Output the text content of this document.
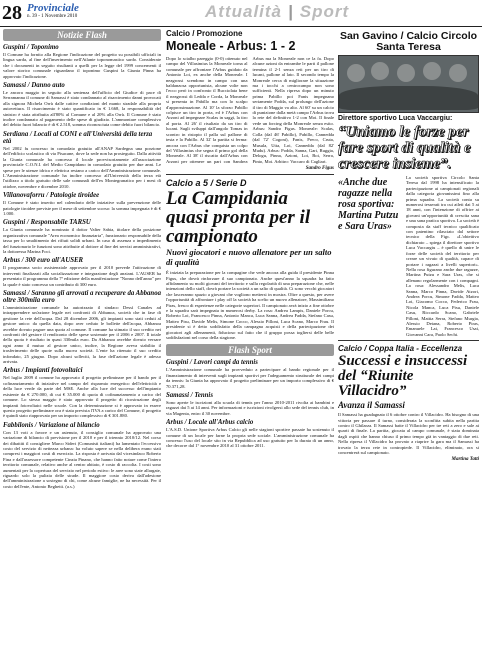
28 Provinciale
n. 39 - 1 Novembre 2010	Attualità | Sport
Notizie Flash
Guspini / Toponimo

Il Comune ha fornito alla Regione l'indicazione del progetto su possibili ufficiali in lingua sarda, al fine dell'inserimento nell'Atlante toponomastico sardo. Considerate che i documenti in seguito risultanti a quelli per la legge del 1999 concernenti il valore storico comunale riguardano il toponimo Guspini la Giunta Pinna ha approvato l'indicazione.

Samassi / Danno auto

Le ancora maggio in seguito alla sentenza dell'ufficio del Giudice di pace di Serramanna il comune di Samassi è stato condannato al risarcimento danni provocati alla signora Michela Orrù dalle cattive condizioni del manto stradale alla propria autovettura. Il risarcimento è stato quantificato in € 1.668, la responsabilità del sinistro è stata attribuita all'80% al Comune e al 20% alla Orrù. Il Comune è stato inoltre condannato al pagamento delle spese di giudizio. L'ammontare complessivo del debito fuori bilancio è di € 2.518, somma riconosciuta come debito fuori bilancio.

Serdiana / Locali al CONI e all'Università della terza età

Nel 2002 fu concesso in comodato gratuito all'ANAP Sardegna una porzione dell'edificio scolastico di via Pisacane, dove la sede non ha prosieguito. Dalla attività la Giunta comunale ha concesso il locale provvisoriamente all'associazione provinciale C.O.N.I. del Medio Campidano in comodato gratuito per due anni. Le spese per le utenze idrica e elettrica restano a carico dell'Amministrazione comunale. L'Amministrazione comunale ha inoltre concesso all'Università della terza età l'utilizzo a titolo gratuito delle sale comunali dell'ex Montegranatico per i mesi di ottobre, novembre e dicembre 2010.

Villanovaforru / Patologie tiroidee

Il Comune è stato inserito nel calendario delle iniziative sulla prevenzione delle patologie tiroidee previste per il mese di settembre scorso: la somma impegnata è di € 1.000.

Guspini / Responsabile TARSU

La Giunta comunale ha nominato il dottor Valter Sabia, titolare della posizione organizzativa comunale "Area economico finanziaria", funzionario responsabile della tassa per lo smaltimento dei rifiuti solidi urbani. In caso di assenza o impedimento del funzionario le funzioni sono attribuite al dottore al fine dei servizi amministrativi, la dottoressa Marina Foci.

Arbus / 300 euro all'AUSER

Il programma socio assistenziale approvato per il 2010 prevede l'attivazione di interventi finalizzati alla socializzazione e integrazione degli anziani. L'AUSER ha presentato il programma della 7ª edizione della manifestazione "Nonno dell'anno" per la quale è stato concesso un contributo di 300 euro.

Samassi / Saranno gli arrovati a recuperare da Abbanoa oltre 300mila euro

L'amministrazione comunale ha autorizzato il sindaco Dessì Canales ad intrapprendere un'azione legale nei confronti di Abbanoa, società che in fase di gestione la rete dell'acqua. Dal 28 dicembre 2006, gli impianti sono stati ceduti al gestore unico: da quella data, dopo aver ceduto le bollette dell'acqua, Abbanoa avrebbe dovuto pagare una quota al comune. Il comune ha stimato il suo credito nei confronti del gestore il rendiconto delle spese sostenute per il 2006 e 2007. Il totale della quota è risultato in quasi 330mila euro. Da Abbanoa avrebbe dovuto versare ogni anno il mutuo al gestore unico, inoltre, la Regione aveva stabilito il trasferimento delle quote sulla nuova società. L'ente ha ritenuto il suo credito infondato, 25 giugno. Dopo alcuni solleciti, la fase dell'azione legale è adesso arrivata.

Arbus / Impianti fotovoltaici

Nel luglio 2009 il comune ha approvato il progetto preliminare per il bando per il cofinanziamento di iniziative nel campo del risparmio energetico dell'elettricità e della luce verde da parte del MSE. Anche alla luce del successo dell'impianto esistente da € 270.000, di cui € 35.000 di quota di cofinanziamento a carico del comune. Lo stesso maggio è stato approvato il progetto di ricostruzione degli impianti fotovoltaici nelle scuole. Con la determinazione si è approvato in essere questo progetto preliminare ora è stata prevista l'IVA a carico del Comune, il progetto è quindi stato riapprovato per un importo complessivo di € 301.880.

Fabbilonis / Variazione al bilancio

Con 13 voti a favore e un astenuto, il consiglio comunale ha approvato una variazione di bilancio di previsione per il 2010 e per il triennio 2010/12. Nel corso dei dibattiti il consigliere Marco Sideri (Comunisti italiani) ha lamentato l'eccessivo costo del servizio di nettezza urbana: ha voluto sapere se nella delibera erano stati compresi i maggiori costi di esercizio. La risposta è arrivata dal vicesindaco Roberto Fina e dall'assessore competente Cinzia Pinano, che hanno fatto notare come l'intero territorio comunale, relativo anche al centro abitato, è costo di raccolta. I costi sono aumentati per la copertura del servizio nel periodo estivo: le aree sono state allargate, riguardo solo la pulizia delle strade. Il maggiore costo deriva dall'adesione dell'amministrazione a sostegno di chi, come alcune famiglie, ne ha necessità. Per il costo dell'ente, Antonio Beghetti. (a.s.)

Calcio / Promozione
Moneale - Arbus: 1 - 2
Dopo lo scialbo pareggio (0-0) ottenuto nel campo del Villasimius la Monreale torna al comunale per affrontare l'Arbus guidato da Antonio Loi, ex anche della Monreale. I neagrossi scendono in campo con una baldanzosa opportunista, alcune volte non l'ecco però in confronto il Bucciolata bene il neagrossi di Ledda e Corda, la Monreale si presenta in Pabillo ma con lo scalpo d'approssimazione. Al 10' la sforzo Pabillo colpisce un tiro in porta, ed è l'Arbus con Arzoni ad impegnare Scalas in saggi, la tiro al porta. Al 26' il risultato da un tiro di lucani. Sugli sviluppi dall'angolo Tomas in scontro in ristopio il palla sul pallone di testa e la Pabillo. Al 32' la partita si ferma: ancora con l'Arbus che conquista un colpo del Villasimius che segna il primo gol della Monreale. Al 38' il riscatto dall'Arbus con Arzoni per ottenere un pari con Sandrea Arbus ma la Monreale non ce la fa. Dopo alcune azioni da entrambe le parti il pallone termina il 2-1 senza reti per un tiro di lucani, pallone al lato. Il secondo tempo la Monreale cerca di migliorare la situazione ma i tocchi a centrocampo non sono sufficienti. Nella ripresa dopo un minuto prima Pabillo poi Fanis impegnano seriamente Podda, sul prolungo dell'azione il tiro di Maggio va alto. Al 60' su un calcio di punizione dalla metà campo l'Arbus trova la rete del definitivo 1-2 con Moi. Il finale vede un forcing della Monreale senza esito. Arbus: Sandro Figus. Monreale: Scalas, Colla (dal 46' Pabillo), Pabillo, Cannedda (dal 72' Cogoni), Fanis, Preco, Cruta, Musula, Utta, Loi, Cannedda (dal 82' Mudu). Arbus: Podda, Sanna, Gari, Ruggia, Delogu, Pinna, Azioni, Loi, Boi, Serra, Pinto, Moi. Arbitro: Vaccaro di Cagliari.
Sandro Figus
Calcio a 5 / Serie D
La Campidania quasi pronta per il campionato
Nuovi giocatori e nuovo allenatore per un salto di qualità

È iniziata la preparazione per la compagine che vede ancora alla guida il presidente Pinna Figus, che dovrà rinforzare il suo campionato. Anche quest'anno la squadra ha fatto affidamento su molti giovani del territorio e sulla regolarità di una preparazione che, nelle intenzioni dello staff, dovrà portare la società a un salto di qualità. Ci sono vecchi giocatori che lasceranno spazio a giovani che vogliono mettersi in mostra. Oltre a questo, per avere l'opportunità di affrontare i play off la società ha scelto un nuovo allenatore, Massimiliano Piras, fresco di esperienze nelle categorie superiori. Il campionato avrà inizio a fine ottobre e la squadra sarà impegnata in numerosi derby. La rosa: Andrea Lampis, Daniele Porcu, Roberto Loi, Francesco Pinna, Antonio Manca, Luca Sanna, Andrea Fadda, Stefano Casu, Matteo Pisu, Davide Melis, Simone Cocco, Alessio Pilloni, Luca Scano, Marco Frau. Il presidente si è detto soddisfatto della campagna acquisti e della partecipazione dei giocatori agli allenamenti, fiducioso sul fatto che il gruppo possa togliersi delle belle soddisfazioni nel corso della stagione.

Flash Sport
Guspini / Lavori campi da tennis

L'Amministrazione comunale ha provveduto a partecipare al bando regionale per il finanziamento di interventi sugli impianti sportivi per l'adeguamento strutturale dei campi da tennis: la Giunta ha approvato il progetto preliminare per un importo complessivo di € 70.371,28.

Samassi / Tennis

Sono aperte le iscrizioni alla scuola di tennis per l'anno 2010-2011 rivolta ai bambini e ragazzi dai 5 ai 14 anni. Per informazioni e iscrizioni rivolgersi allo sede del tennis club, in via Magenta, entro il 30 novembre.

Arbus / Locale all'Arbus calcio

L'A.S.D. Unione Sportiva Arbus Calcio gli nelle stagioni sportive passate ha sostenuto il comune di un locale per farne la propria sede sociale. L'amministrazione comunale ha concesso l'uso del locale sito in via Repubblica ad uso gratuito per la durata di un anno, che decorre dal 1° novembre 2010 al 31 ottobre 2011.

San Gavino / Calcio Circolo Santa Teresa
Direttore sportivo Luca Vaccargiu:
“Uniamo le forze per fare sport di qualità e crescere insieme”.
«Anche due ragazze nella rosa sportiva: Martina Putzu e Sara Uras»

La società sportiva Circolo Santa Teresa dal 1998 ha intensificato la partecipazione ai campionati regionali dalla categoria giovanissimi fino alla prima squadra. La società conta su numerosi tesserati tra cui atleti dai 5 ai 18 anni, con l'intenzione di offrire ai giovani un'opportunità di crescita sana e una sana pratica sportiva. La società è composta da staff tecnico qualificato con patentino rilasciato dal settore tecnico della Figc. «L'obiettivo dichiarato – spiega il direttore sportivo Luca Vaccargiu – è quello di unire le forze delle società del territorio per creare un vivaio di qualità, capace di portare i ragazzi a livelli superiori». Nella rosa figurano anche due ragazze, Martina Putzu e Sara Uras, che si allenano regolarmente con i compagni. La rosa: Alessandro Melis, Luca Sanna, Marco Pinna, Davide Atzori, Andrea Porcu, Simone Fadda, Matteo Loi, Giacomo Cocco, Federico Frau, Nicola Manca, Luca Pisu, Daniele Casu, Riccardo Scano, Gabriele Pilloni, Mattia Serra, Stefano Murgia, Alessio Deiana, Roberto Piras, Emanuele Lai, Francesco Usai, Giovanni Cara, Paolo Sechi.

Calcio / Coppa Italia - Eccellenza
Successi e insuccessi del “Riunite Villacidro”
Avanza il Samassi

Il Samassi ha guadagnato il 6 ottobre contro il Villacidro. Ha bisogno di una vittoria per passare il turno, considerata la sconfitta subita nella partita contro il Ghilarza. Il Samassi batte il Villacidro per tre reti a zero e sale ai quarti di finale. La partita, giocata al campo comunale, è stata dominata dagli ospiti che hanno chiuso il primo tempo già in vantaggio di due reti. Nella ripresa il Villacidro ha provato a riaprire la gara ma il Samassi ha trovato la terza rete in contropiede. Il Villacidro, eliminato, ora si concentrerà sul campionato.

Martina Tatti
